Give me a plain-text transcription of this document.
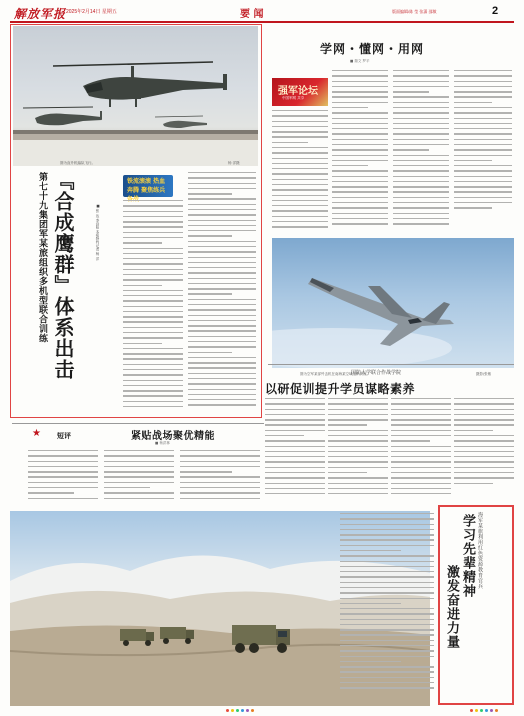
解放军报 2025年2月14日 星期五	要 闻	版面编辑/陈 莹 张潇 邵敏	2
图为直升机编队飞行。	杨 洋摄
『合成鹰群』体系出击
第七十九集团军某旅组织多机型联合训练	■ 张 达 李诗阳 本报特约记者 杨 洋
铁流滚滚 热血奔腾 聚焦练兵
★ 短评	紧贴战场聚优精能
■ 杨洪林
学网・懂网・用网
■ 瑞文 罗平
强军论坛
中国军网 共享
图为空军某部歼击机在南海某空域组织训练。	摄影/张敏
国防大学联合作战学院
以研促训提升学员谋略素养
海军某旅利用红色资源教育官兵
学习先辈精神
激发奋进力量
